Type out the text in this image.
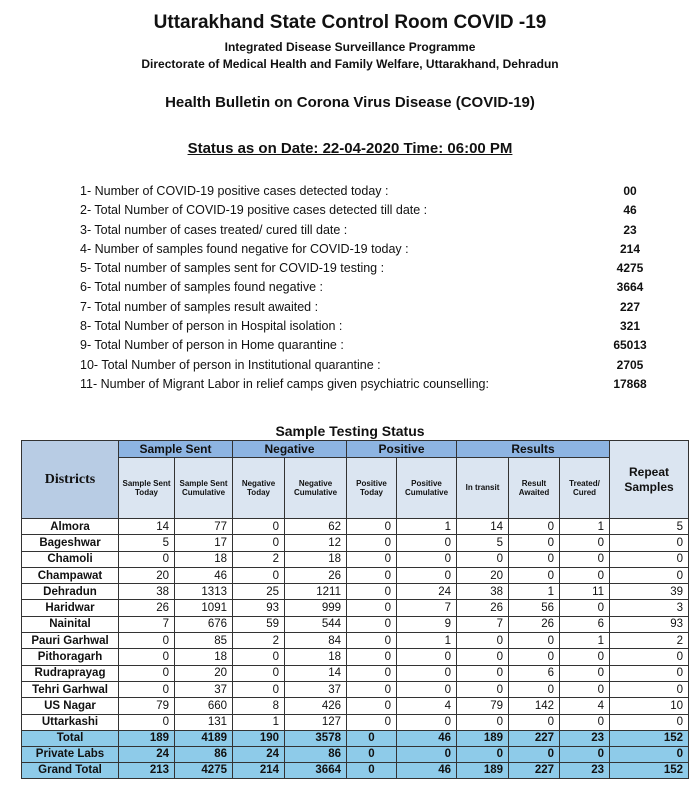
Uttarakhand State Control Room COVID -19
Integrated Disease Surveillance Programme
Directorate of Medical Health and Family Welfare, Uttarakhand, Dehradun
Health Bulletin on Corona Virus Disease (COVID-19)
Status as on Date: 22-04-2020 Time: 06:00 PM
1- Number of COVID-19 positive cases detected today :	00
2- Total Number of COVID-19 positive cases detected till date :	46
3- Total number of cases treated/ cured till date :	23
4- Number of samples found negative for COVID-19 today :	214
5- Total number of samples sent for COVID-19 testing :	4275
6- Total number of samples found negative :	3664
7- Total number of samples result awaited :	227
8- Total Number of person in Hospital isolation :	321
9- Total Number of person in Home quarantine :	65013
10- Total Number of person in Institutional quarantine :	2705
11- Number of Migrant Labor in relief camps given psychiatric counselling:	17868
Sample Testing Status
Districts	Sample Sent		Negative		Positive		Results			Repeat Samples
	Sample Sent Today	Sample Sent Cumulative	Negative Today	Negative Cumulative	Positive Today	Positive Cumulative	In transit	Result Awaited	Treated/ Cured	
Almora	14	77	0	62	0	1	14	0	1	5
Bageshwar	5	17	0	12	0	0	5	0	0	0
Chamoli	0	18	2	18	0	0	0	0	0	0
Champawat	20	46	0	26	0	0	20	0	0	0
Dehradun	38	1313	25	1211	0	24	38	1	11	39
Haridwar	26	1091	93	999	0	7	26	56	0	3
Nainital	7	676	59	544	0	9	7	26	6	93
Pauri Garhwal	0	85	2	84	0	1	0	0	1	2
Pithoragarh	0	18	0	18	0	0	0	0	0	0
Rudraprayag	0	20	0	14	0	0	0	6	0	0
Tehri Garhwal	0	37	0	37	0	0	0	0	0	0
US Nagar	79	660	8	426	0	4	79	142	4	10
Uttarkashi	0	131	1	127	0	0	0	0	0	0
Total	189	4189	190	3578	0	46	189	227	23	152
Private Labs	24	86	24	86	0	0	0	0	0	0
Grand Total	213	4275	214	3664	0	46	189	227	23	152
